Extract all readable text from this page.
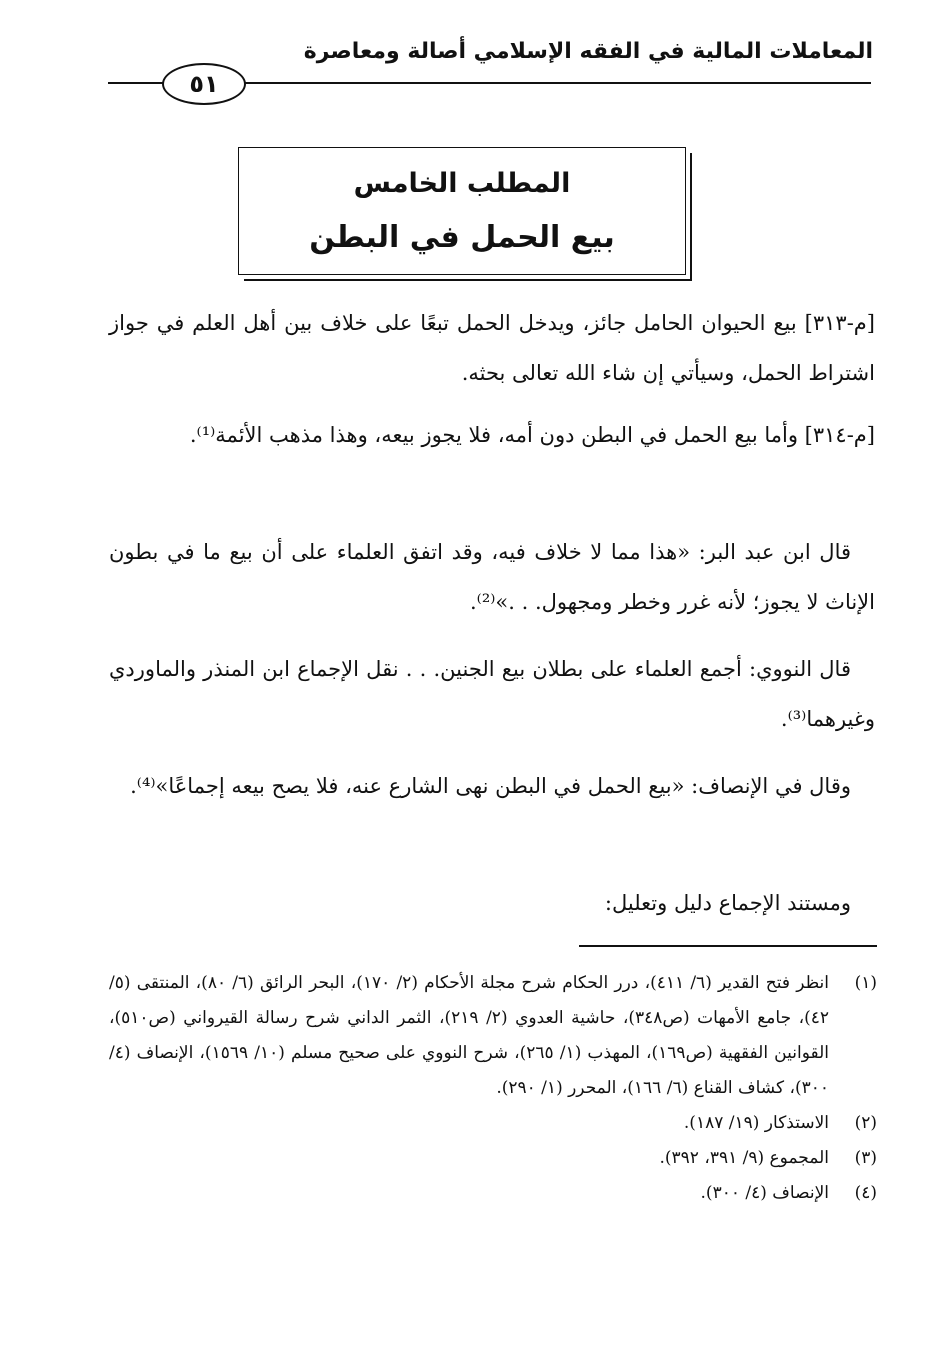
المعاملات المالية في الفقه الإسلامي أصالة ومعاصرة
٥١
المطلب الخامس
بيع الحمل في البطن

[م-٣١٣] بيع الحيوان الحامل جائز، ويدخل الحمل تبعًا على خلاف بين أهل العلم في جواز اشتراط الحمل، وسيأتي إن شاء الله تعالى بحثه.

[م-٣١٤] وأما بيع الحمل في البطن دون أمه، فلا يجوز بيعه، وهذا مذهب الأئمة⁽¹⁾.

قال ابن عبد البر: «هذا مما لا خلاف فيه، وقد اتفق العلماء على أن بيع ما في بطون الإناث لا يجوز؛ لأنه غرر وخطر ومجهول. . .»⁽²⁾.

قال النووي: أجمع العلماء على بطلان بيع الجنين. . . نقل الإجماع ابن المنذر والماوردي وغيرهما⁽³⁾.

وقال في الإنصاف: «بيع الحمل في البطن نهى الشارع عنه، فلا يصح بيعه إجماعًا»⁽⁴⁾.

ومستند الإجماع دليل وتعليل:

(١)
انظر فتح القدير (٦/ ٤١١)، درر الحكام شرح مجلة الأحكام (٢/ ١٧٠)، البحر الرائق (٦/ ٨٠)، المنتقى (٥/ ٤٢)، جامع الأمهات (ص٣٤٨)، حاشية العدوي (٢/ ٢١٩)، الثمر الداني شرح رسالة القيرواني (ص٥١٠)، القوانين الفقهية (ص١٦٩)، المهذب (١/ ٢٦٥)، شرح النووي على صحيح مسلم (١٠/ ١٥٦٩)، الإنصاف (٤/ ٣٠٠)، كشاف القناع (٦/ ١٦٦)، المحرر (١/ ٢٩٠).
(٢)
الاستذكار (١٩/ ١٨٧).
(٣)
المجموع (٩/ ٣٩١، ٣٩٢).
(٤)
الإنصاف (٤/ ٣٠٠).
